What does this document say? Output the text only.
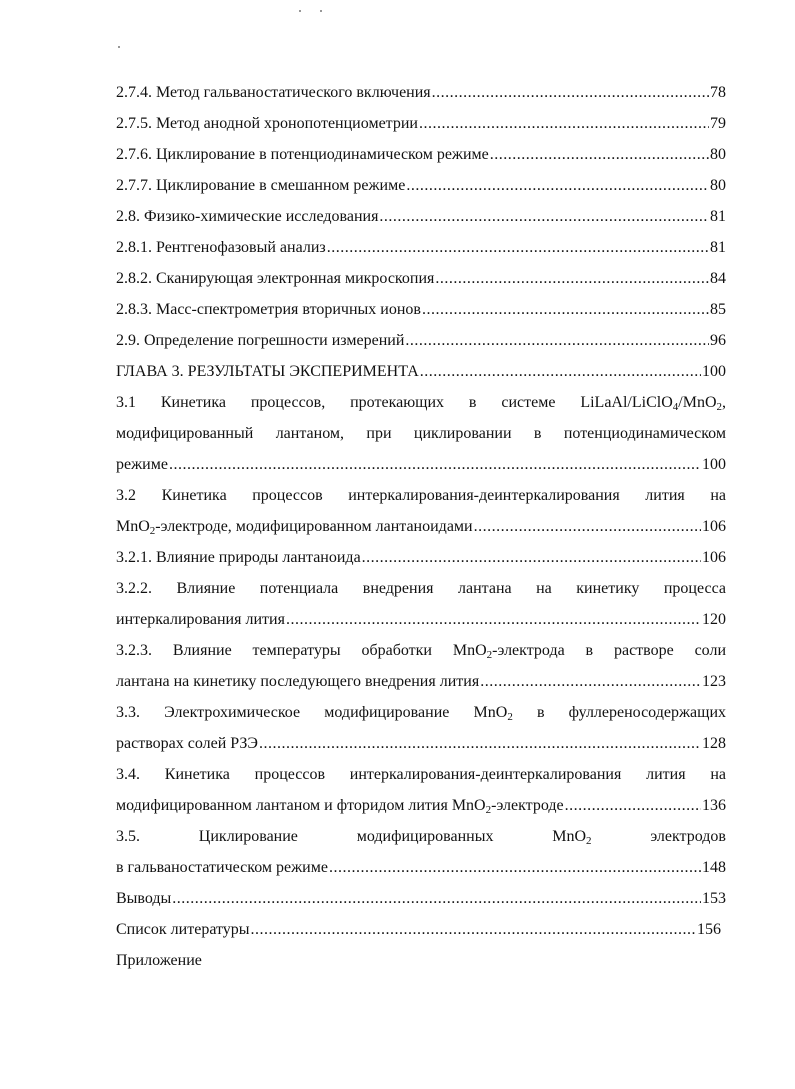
2.7.4. Метод гальваностатического включения .....	78
2.7.5. Метод анодной хронопотенциометрии .....	79
2.7.6. Циклирование в потенциодинамическом режиме .....	80
2.7.7. Циклирование в смешанном режиме .....	80
2.8. Физико-химические исследования .....	81
2.8.1. Рентгенофазовый анализ .....	81
2.8.2. Сканирующая электронная микроскопия .....	84
2.8.3. Масс-спектрометрия вторичных ионов .....	85
2.9. Определение погрешности измерений .....	96
ГЛАВА 3. РЕЗУЛЬТАТЫ ЭКСПЕРИМЕНТА .....	100
3.1 Кинетика процессов, протекающих в системе LiLaAl/LiClO$_4$/MnO$_2$,
модифицированный лантаном, при циклировании в потенциодинамическом
режиме .....	100
3.2 Кинетика процессов интеркалирования-деинтеркалирования лития на
MnO$_2$-электроде, модифицированном лантаноидами .....	106
3.2.1. Влияние природы лантаноида .....	106
3.2.2. Влияние потенциала внедрения лантана на кинетику процесса
интеркалирования лития .....	120
3.2.3. Влияние температуры обработки MnO$_2$-электрода в растворе соли
лантана на кинетику последующего внедрения лития .....	123
3.3. Электрохимическое модифицирование MnO$_2$ в фуллереносодержащих
растворах солей РЗЭ .....	128
3.4. Кинетика процессов интеркалирования-деинтеркалирования лития на
модифицированном лантаном и фторидом лития MnO$_2$-электроде .....	136
3.5.	Циклирование	модифицированных	MnO$_2$	электродов
в гальваностатическом режиме .....	148
Выводы .....	153
Список литературы .....	156
Приложение
